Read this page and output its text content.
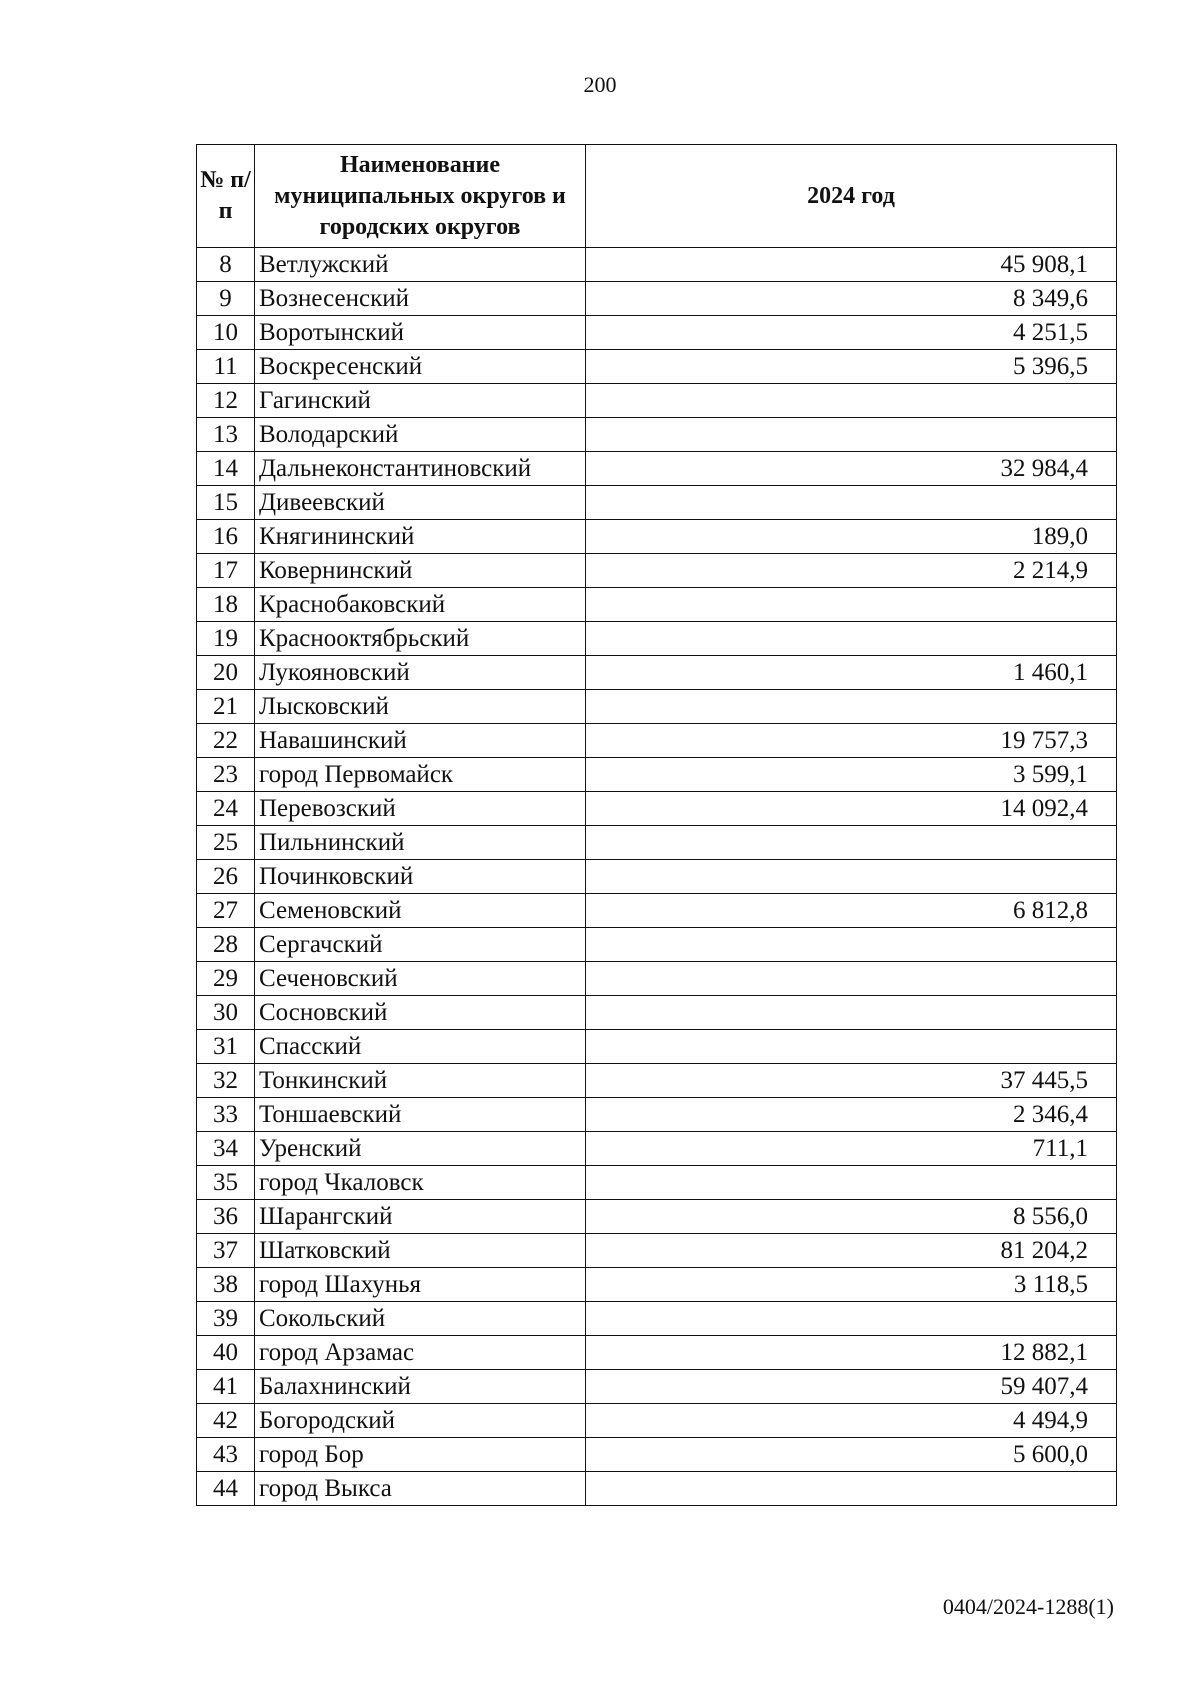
200
№ п/п	Наименование муниципальных округов и городских округов	2024 год
8	Ветлужский	45 908,1
9	Вознесенский	8 349,6
10	Воротынский	4 251,5
11	Воскресенский	5 396,5
12	Гагинский	
13	Володарский	
14	Дальнеконстантиновский	32 984,4
15	Дивеевский	
16	Княгининский	189,0
17	Ковернинский	2 214,9
18	Краснобаковский	
19	Краснооктябрьский	
20	Лукояновский	1 460,1
21	Лысковский	
22	Навашинский	19 757,3
23	город Первомайск	3 599,1
24	Перевозский	14 092,4
25	Пильнинский	
26	Починковский	
27	Семеновский	6 812,8
28	Сергачский	
29	Сеченовский	
30	Сосновский	
31	Спасский	
32	Тонкинский	37 445,5
33	Тоншаевский	2 346,4
34	Уренский	711,1
35	город Чкаловск	
36	Шарангский	8 556,0
37	Шатковский	81 204,2
38	город Шахунья	3 118,5
39	Сокольский	
40	город Арзамас	12 882,1
41	Балахнинский	59 407,4
42	Богородский	4 494,9
43	город Бор	5 600,0
44	город Выкса	
0404/2024-1288(1)
